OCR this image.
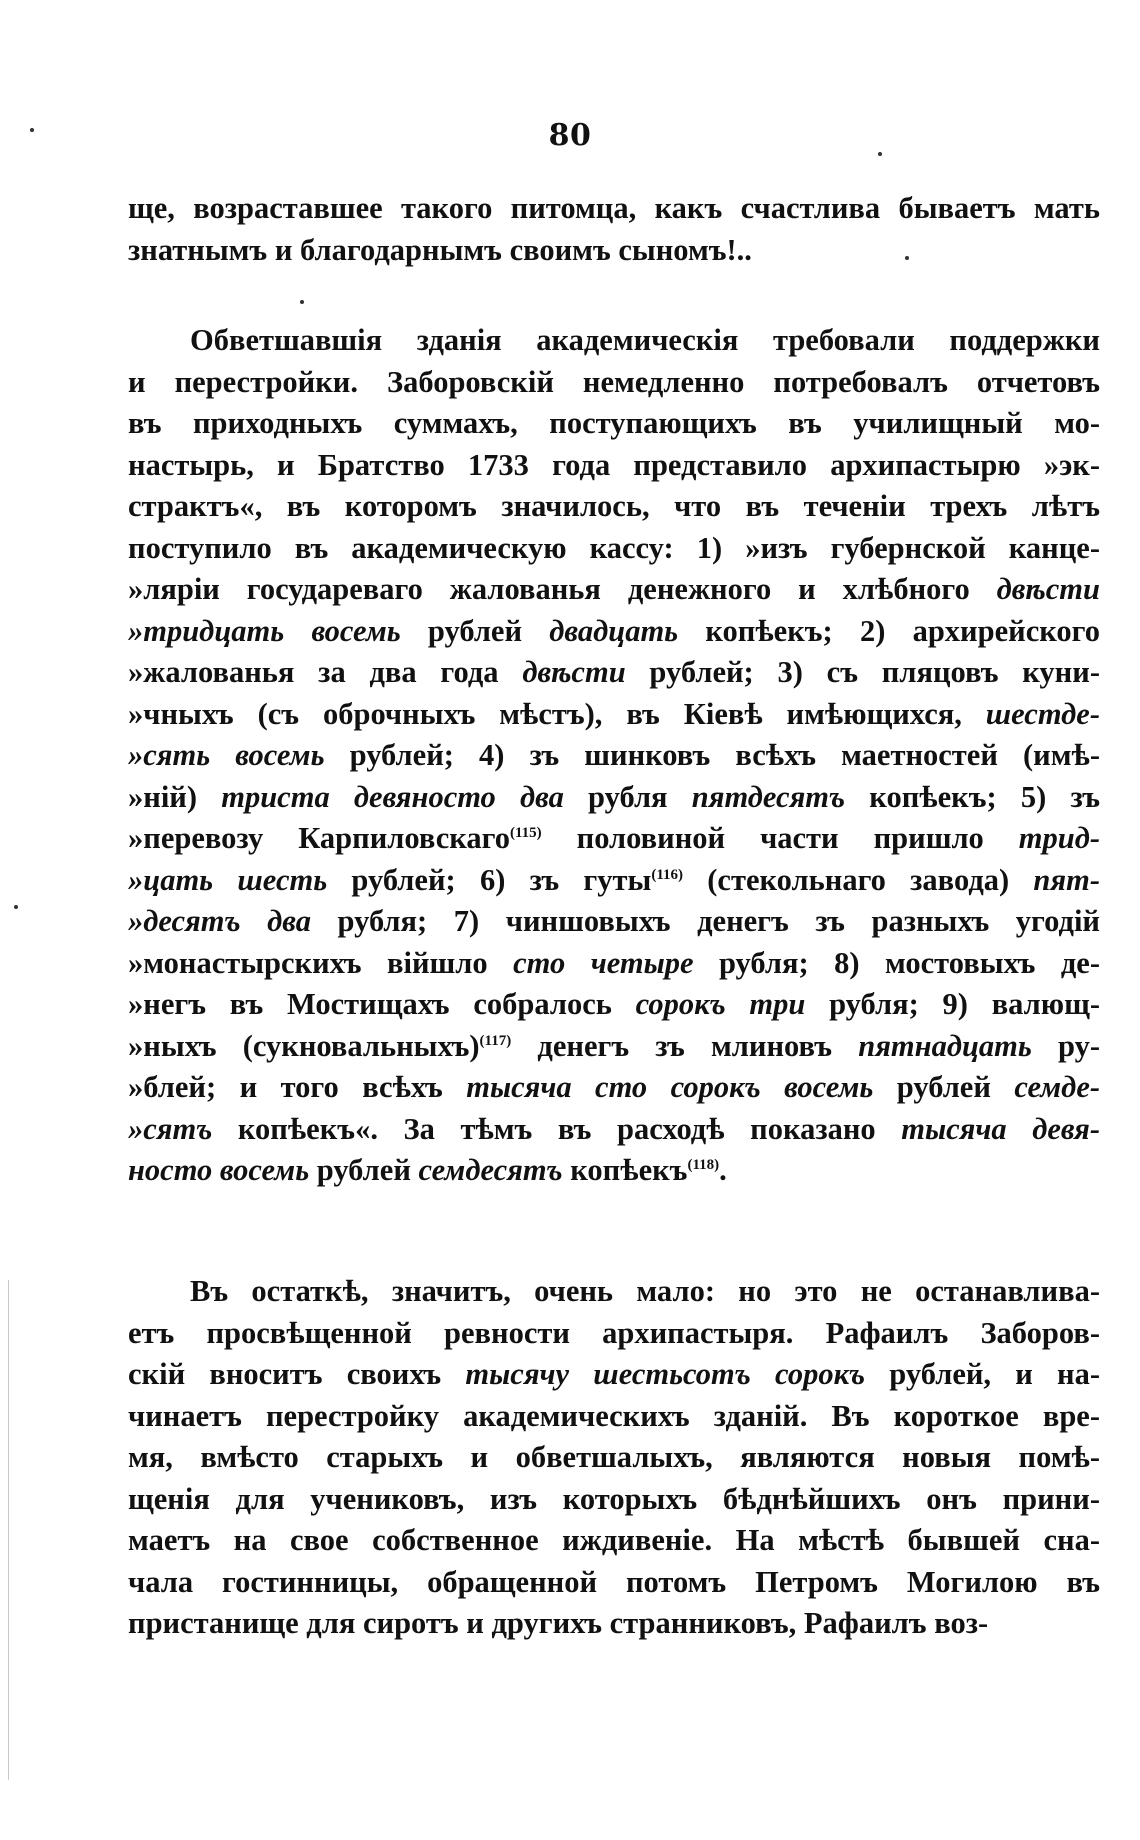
80
ще, возраставшее такого питомца, какъ счастлива бываетъ мать
знатнымъ и благодарнымъ своимъ сыномъ!..
Обветшавшія зданія академическія требовали поддержки
и перестройки. Заборовскій немедленно потребовалъ отчетовъ
въ приходныхъ суммахъ, поступающихъ въ училищный мо-
настырь, и Братство 1733 года представило архипастырю »эк-
страктъ«, въ которомъ значилось, что въ теченіи трехъ лѣтъ
поступило въ академическую кассу: 1) »изъ губернской канце-
»ляріи государеваго жалованья денежного и хлѣбного двѣсти
»тридцать восемь рублей двадцать копѣекъ; 2) архирейского
»жалованья за два года двѣсти рублей; 3) съ пляцовъ куни-
»чныхъ (съ оброчныхъ мѣстъ), въ Кіевѣ имѣющихся, шестде-
»сять восемь рублей; 4) зъ шинковъ всѣхъ маетностей (имѣ-
»ній) триста девяносто два рубля пятдесятъ копѣекъ; 5) зъ
»перевозу Карпиловскаго$^{(115)}$ половиной части пришло трид-
»цать шесть рублей; 6) зъ гуты$^{(116)}$ (стекольнаго завода) пят-
»десятъ два рубля; 7) чиншовыхъ денегъ зъ разныхъ угодій
»монастырскихъ війшло сто четыре рубля; 8) мостовыхъ де-
»негъ въ Мостищахъ собралось сорокъ три рубля; 9) валющ-
»ныхъ (сукновальныхъ)$^{(117)}$ денегъ зъ млиновъ пятнадцать ру-
»блей; и того всѣхъ тысяча сто сорокъ восемь рублей семде-
»сятъ копѣекъ«. За тѣмъ въ расходѣ показано тысяча девя-
носто восемь рублей семдесятъ копѣекъ$^{(118)}$.
Въ остаткѣ, значитъ, очень мало: но это не останавлива-
етъ просвѣщенной ревности архипастыря. Рафаилъ Заборов-
скій вноситъ своихъ тысячу шестьсотъ сорокъ рублей, и на-
чинаетъ перестройку академическихъ зданій. Въ короткое вре-
мя, вмѣсто старыхъ и обветшалыхъ, являются новыя помѣ-
щенія для учениковъ, изъ которыхъ бѣднѣйшихъ онъ прини-
маетъ на свое собственное иждивеніе. На мѣстѣ бывшей сна-
чала гостинницы, обращенной потомъ Петромъ Могилою въ
пристанище для сиротъ и другихъ странниковъ, Рафаилъ воз-
